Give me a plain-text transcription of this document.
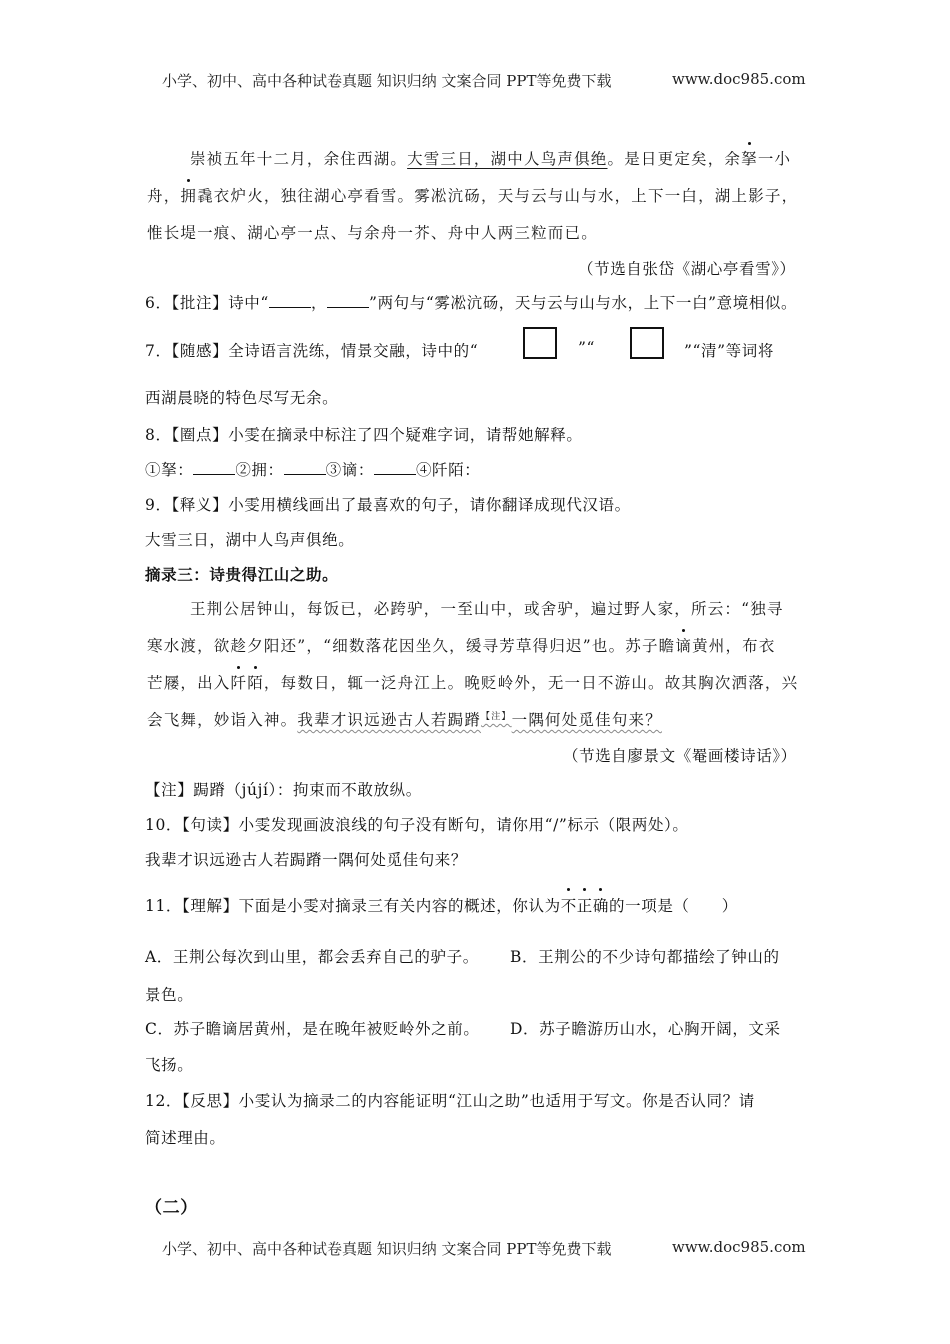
小学、初中、高中各种试卷真题 知识归纳 文案合同 PPT等免费下载	www.doc985.com
崇祯五年十二月，余住西湖。大雪三日，湖中人鸟声俱绝。是日更定矣，余拏一小
舟，拥毳衣炉火，独往湖心亭看雪。雾凇沆砀，天与云与山与水，上下一白，湖上影子，
惟长堤一痕、湖心亭一点、与余舟一芥、舟中人两三粒而已。
（节选自张岱《湖心亭看雪》）
6．【批注】诗中“	，	”两句与“雾凇沆砀，天与云与山与水，上下一白”意境相似。
7．【随感】全诗语言洗练，情景交融，诗中的“	”“	”“清”等词将
西湖晨晓的特色尽写无余。
8．【圈点】小雯在摘录中标注了四个疑难字词，请帮她解释。
①拏：	②拥：	③谪：	④阡陌：
9．【释义】小雯用横线画出了最喜欢的句子，请你翻译成现代汉语。
大雪三日，湖中人鸟声俱绝。
摘录三：诗贵得江山之助。
王荆公居钟山，每饭已，必跨驴，一至山中，或舍驴，遍过野人家，所云：“独寻
寒水渡，欲趁夕阳还”，“细数落花因坐久，缓寻芳草得归迟”也。苏子瞻谪黄州，布衣
芒屦，出入阡陌，每数日，辄一泛舟江上。晚贬岭外，无一日不游山。故其胸次洒落，兴
会飞舞，妙诣入神。我辈才识远逊古人若跼蹐$^{【注】}$一隅何处觅佳句来？
（节选自廖景文《罨画楼诗话》）
【注】跼蹐（jújí）：拘束而不敢放纵。
10．【句读】小雯发现画波浪线的句子没有断句，请你用“/”标示（限两处）。
我辈才识远逊古人若跼蹐一隅何处觅佳句来？
11．【理解】下面是小雯对摘录三有关内容的概述，你认为不正确的一项是（　　）
A．王荆公每次到山里，都会丢弃自己的驴子。 B．王荆公的不少诗句都描绘了钟山的
景色。
C．苏子瞻谪居黄州，是在晚年被贬岭外之前。 D．苏子瞻游历山水，心胸开阔，文采
飞扬。
12．【反思】小雯认为摘录二的内容能证明“江山之助”也适用于写文。你是否认同？请
简述理由。
（二）
小学、初中、高中各种试卷真题 知识归纳 文案合同 PPT等免费下载	www.doc985.com
